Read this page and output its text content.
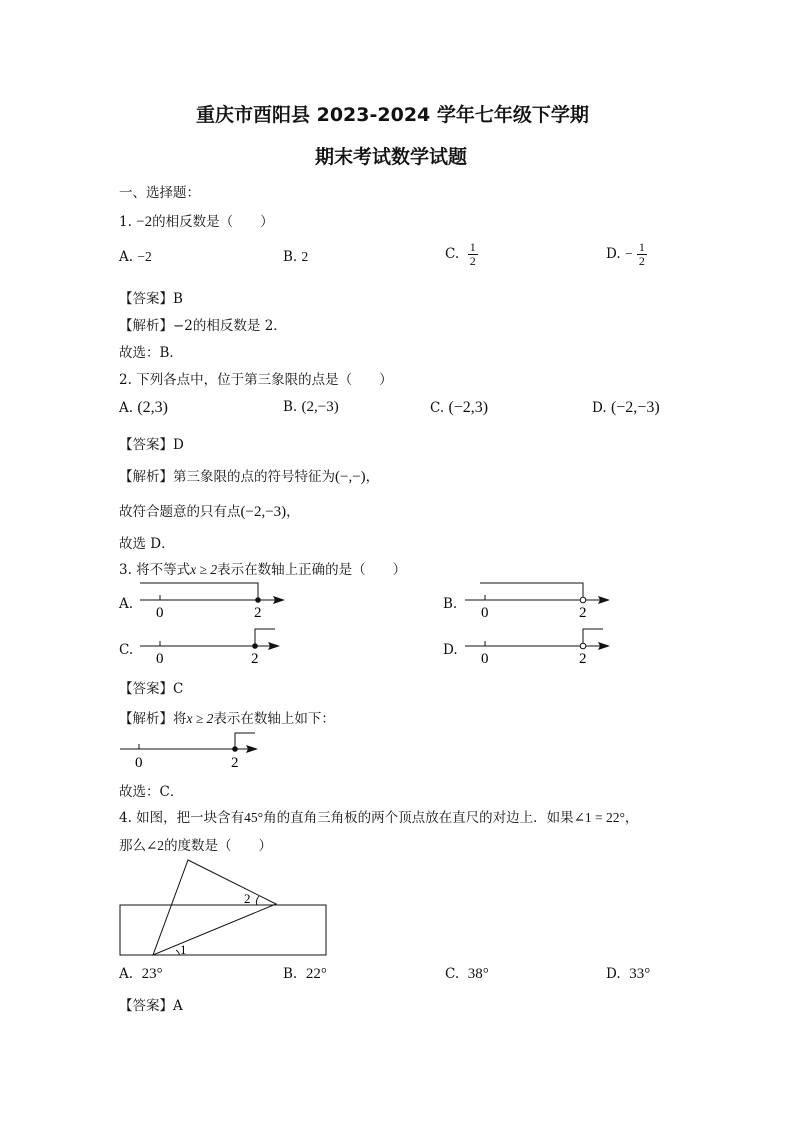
重庆市酉阳县 2023-2024 学年七年级下学期
期末考试数学试题
一、选择题：
1. −2的相反数是（　　）
A. −2	B. 2	C. $\frac{1}{2}$	D. − $\frac{1}{2}$
【答案】B
【解析】−2的相反数是 2．
故选：B．
2. 下列各点中，位于第三象限的点是（　　）
A. (2,3)	B. (2,−3)	C. (−2,3)	D. (−2,−3)
【答案】D
【解析】第三象限的点的符号特征为(−,−)，
故符合题意的只有点(−2,−3)，
故选 D．
3. 将不等式x ≥ 2表示在数轴上正确的是（　　）
A.	B.
C.	D.
0	2	0	2
0	2	0	2
【答案】C
【解析】将x ≥ 2表示在数轴上如下：
0	2
故选：C．
4. 如图，把一块含有45°角的直角三角板的两个顶点放在直尺的对边上．如果∠1 = 22°，
那么∠2的度数是（　　）
1
2
A. 23°	B. 22°	C. 38°	D. 33°
【答案】A
